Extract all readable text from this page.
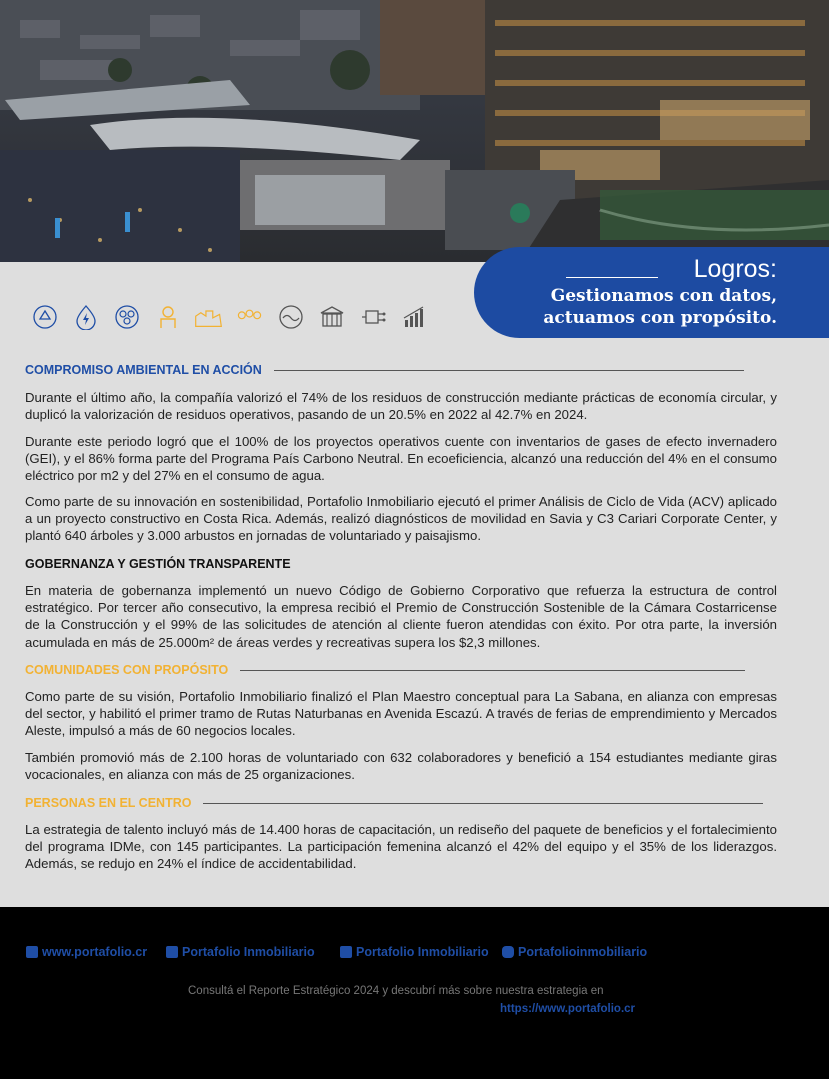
Logros:
Gestionamos con datos,
actuamos con propósito.
COMPROMISO AMBIENTAL EN ACCIÓN
Durante el último año, la compañía valorizó el 74% de los residuos de construcción mediante prácticas de economía circular, y duplicó la valorización de residuos operativos, pasando de un 20.5% en 2022 al 42.7% en 2024.
Durante este periodo logró que el 100% de los proyectos operativos cuente con inventarios de gases de efecto invernadero (GEI), y el 86% forma parte del Programa País Carbono Neutral. En ecoeficiencia, alcanzó una reducción del 4% en el consumo eléctrico por m2 y del 27% en el consumo de agua.
Como parte de su innovación en sostenibilidad, Portafolio Inmobiliario ejecutó el primer Análisis de Ciclo de Vida (ACV) aplicado a un proyecto constructivo en Costa Rica. Además, realizó diagnósticos de movilidad en Savia y C3 Cariari Corporate Center, y plantó 640 árboles y 3.000 arbustos en jornadas de voluntariado y paisajismo.
GOBERNANZA Y GESTIÓN TRANSPARENTE
En materia de gobernanza implementó un nuevo Código de Gobierno Corporativo que refuerza la estructura de control estratégico. Por tercer año consecutivo, la empresa recibió el Premio de Construcción Sostenible de la Cámara Costarricense de la Construcción y el 99% de las solicitudes de atención al cliente fueron atendidas con éxito. Por otra parte, la inversión acumulada en más de 25.000m² de áreas verdes y recreativas supera los $2,3 millones.
COMUNIDADES CON PROPÓSITO
Como parte de su visión, Portafolio Inmobiliario finalizó el Plan Maestro conceptual para La Sabana, en alianza con empresas del sector, y habilitó el primer tramo de Rutas Naturbanas en Avenida Escazú. A través de ferias de emprendimiento y Mercados Aleste, impulsó a más de 60 negocios locales.
También promovió más de 2.100 horas de voluntariado con 632 colaboradores y benefició a 154 estudiantes mediante giras vocacionales, en alianza con más de 25 organizaciones.
PERSONAS EN EL CENTRO
La estrategia de talento incluyó más de 14.400 horas de capacitación, un rediseño del paquete de beneficios y el fortalecimiento del programa IDMe, con 145 participantes. La participación femenina alcanzó el 42% del equipo y el 35% de los liderazgos. Además, se redujo en 24% el índice de accidentabilidad.
www.portafolio.cr	Portafolio Inmobiliario	Portafolio Inmobiliario Portafolioinmobiliario
Consultá el Reporte Estratégico 2024 y descubrí más sobre nuestra estrategia en
https://www.portafolio.cr
